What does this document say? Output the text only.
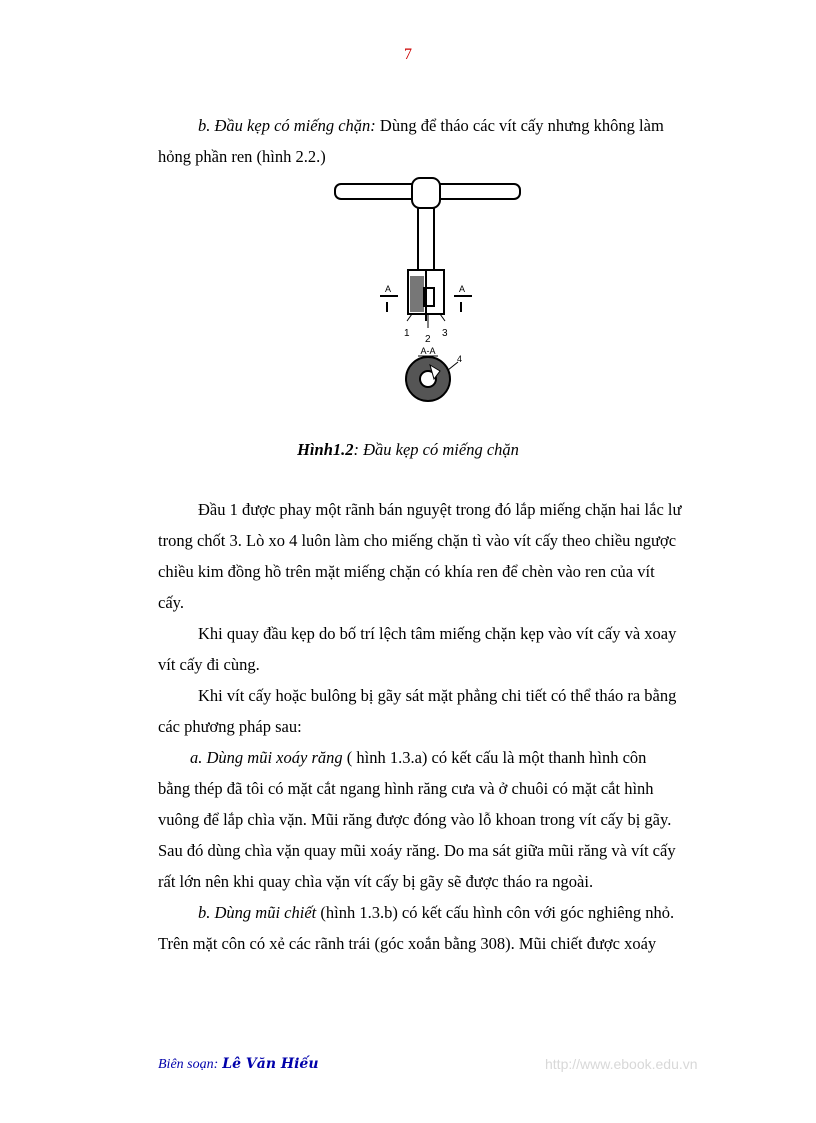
7
b. Đầu kẹp có miếng chặn: Dùng để tháo các vít cấy nhưng không làm
hỏng phần ren (hình 2.2.)
A	A
1
2
3
A-A
4
Hình1.2: Đầu kẹp có miếng chặn
Đầu 1 được phay một rãnh bán nguyệt trong đó lắp miếng chặn hai lắc lư
trong chốt 3. Lò xo 4 luôn làm cho miếng chặn tì vào vít cấy theo chiều ngược
chiều kim đồng hồ trên mặt miếng chặn có khía ren để chèn vào ren của vít
cấy.
Khi quay đầu kẹp do bố trí lệch tâm miếng chặn kẹp vào vít cấy và xoay
vít cấy đi cùng.
Khi vít cấy hoặc bulông bị gãy sát mặt phẳng chi tiết có thể tháo ra bằng
các phương pháp sau:
a. Dùng mũi xoáy răng ( hình 1.3.a) có kết cấu là một thanh hình côn
bằng thép đã tôi có mặt cắt ngang hình răng cưa và ở chuôi có mặt cắt hình
vuông để lắp chìa vặn. Mũi răng được đóng vào lỗ khoan trong vít cấy bị gãy.
Sau đó dùng chìa vặn quay mũi xoáy răng. Do ma sát giữa mũi răng và vít cấy
rất lớn nên khi quay chìa vặn vít cấy bị gãy sẽ được tháo ra ngoài.
b. Dùng mũi chiết (hình 1.3.b) có kết cấu hình côn với góc nghiêng nhỏ.
Trên mặt côn có xẻ các rãnh trái (góc xoắn bằng 308). Mũi chiết được xoáy
Biên soạn: Lê Văn Hiếu	http://www.ebook.edu.vn
